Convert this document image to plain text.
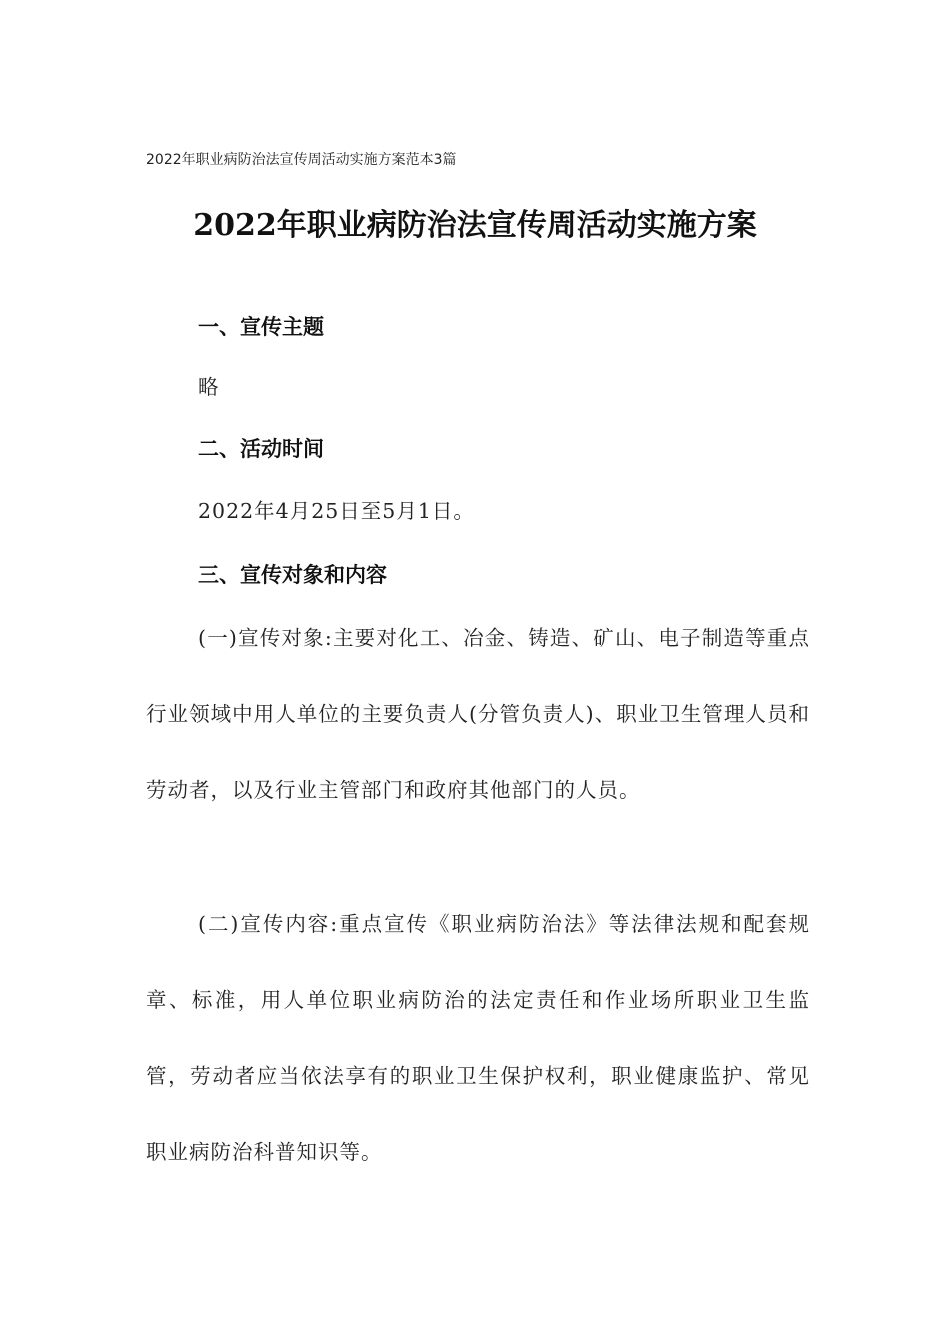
2022年职业病防治法宣传周活动实施方案范本3篇
2022年职业病防治法宣传周活动实施方案
一、宣传主题
略
二、活动时间
2022年4月25日至5月1日。
三、宣传对象和内容
(一)宣传对象:主要对化工、冶金、铸造、矿山、电子制造等重点行业领域中用人单位的主要负责人(分管负责人)、职业卫生管理人员和劳动者，以及行业主管部门和政府其他部门的人员。
(二)宣传内容:重点宣传《职业病防治法》等法律法规和配套规章、标准，用人单位职业病防治的法定责任和作业场所职业卫生监管，劳动者应当依法享有的职业卫生保护权利，职业健康监护、常见职业病防治科普知识等。
